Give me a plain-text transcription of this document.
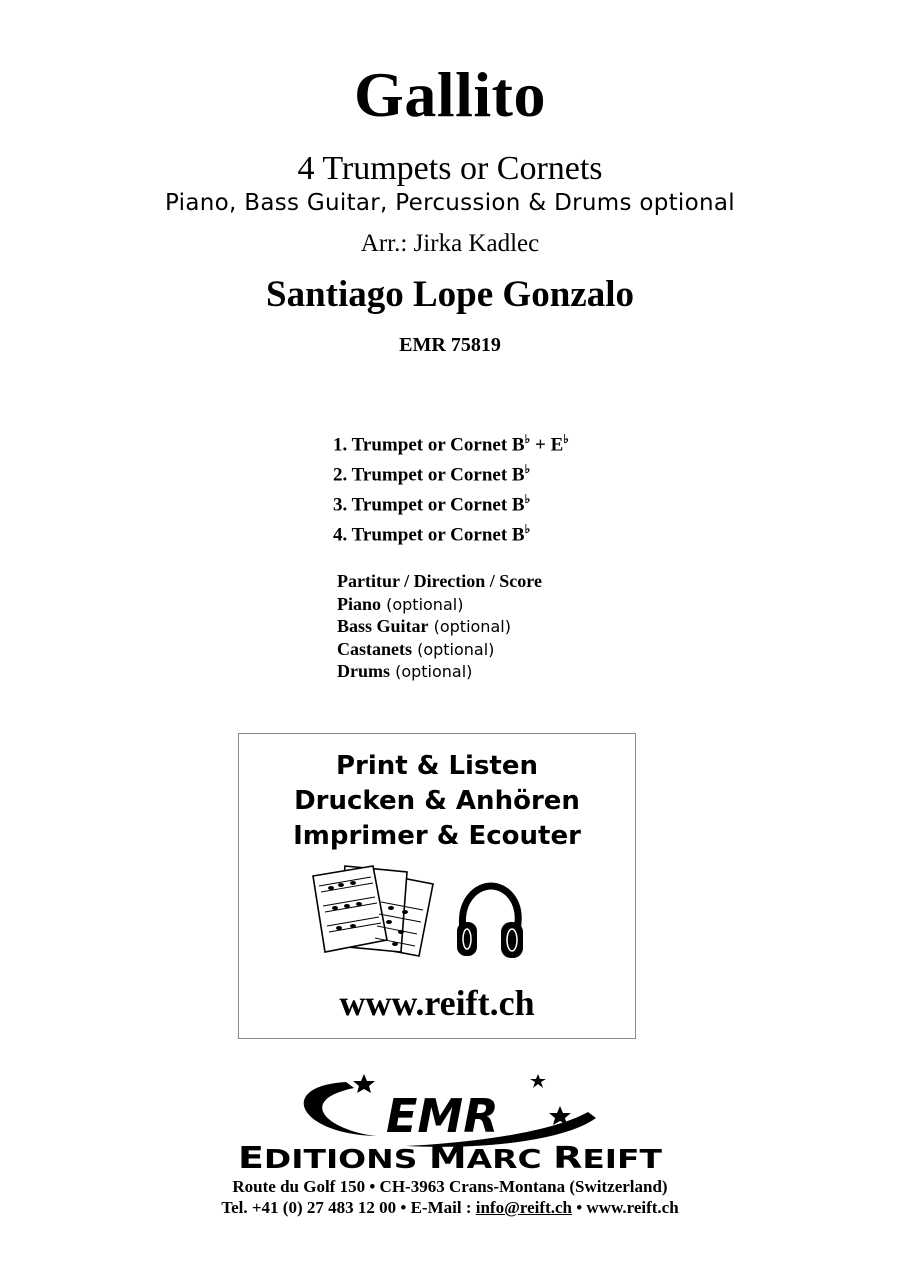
Gallito
4 Trumpets or Cornets
Piano, Bass Guitar, Percussion & Drums optional
Arr.: Jirka Kadlec
Santiago Lope Gonzalo
EMR 75819
1. Trumpet or Cornet B♭ + E♭
2. Trumpet or Cornet B♭
3. Trumpet or Cornet B♭
4. Trumpet or Cornet B♭
Partitur / Direction / Score
Piano (optional)
Bass Guitar (optional)
Castanets (optional)
Drums (optional)
Print & Listen
Drucken & Anhören
Imprimer & Ecouter
www.reift.ch
EMR
E DITIONS M ARC R EIFT
Route du Golf 150 • CH-3963 Crans-Montana (Switzerland)
Tel. +41 (0) 27 483 12 00 • E-Mail : info@reift.ch • www.reift.ch
